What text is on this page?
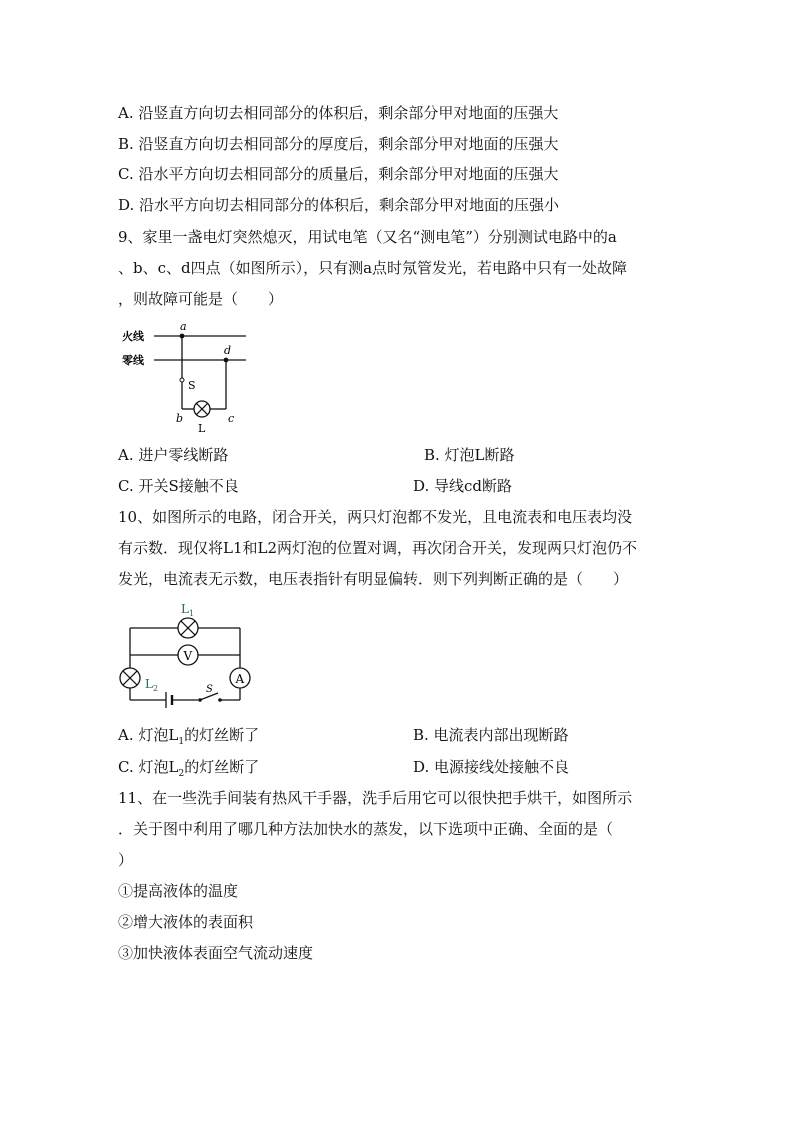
A. 沿竖直方向切去相同部分的体积后，剩余部分甲对地面的压强大
B. 沿竖直方向切去相同部分的厚度后，剩余部分甲对地面的压强大
C. 沿水平方向切去相同部分的质量后，剩余部分甲对地面的压强大
D. 沿水平方向切去相同部分的体积后，剩余部分甲对地面的压强小
9、家里一盏电灯突然熄灭，用试电笔（又名“测电笔”）分别测试电路中的a
、b、c、d四点（如图所示），只有测a点时氖管发光，若电路中只有一处故障
，则故障可能是（　　）
火线
零线
a
d
S
b	c
L
A. 进户零线断路	B. 灯泡L断路
C. 开关S接触不良	D. 导线cd断路
10、如图所示的电路，闭合开关，两只灯泡都不发光，且电流表和电压表均没
有示数．现仅将L1和L2两灯泡的位置对调，再次闭合开关，发现两只灯泡仍不
发光，电流表无示数，电压表指针有明显偏转．则下列判断正确的是（　　）
$L_1$
V
$L_2$
A
S
A. 灯泡$L_1$的灯丝断了	B. 电流表内部出现断路
C. 灯泡$L_2$的灯丝断了	D. 电源接线处接触不良
11、在一些洗手间装有热风干手器，洗手后用它可以很快把手烘干，如图所示
．关于图中利用了哪几种方法加快水的蒸发，以下选项中正确、全面的是（
）
①提高液体的温度
②增大液体的表面积
③加快液体表面空气流动速度
